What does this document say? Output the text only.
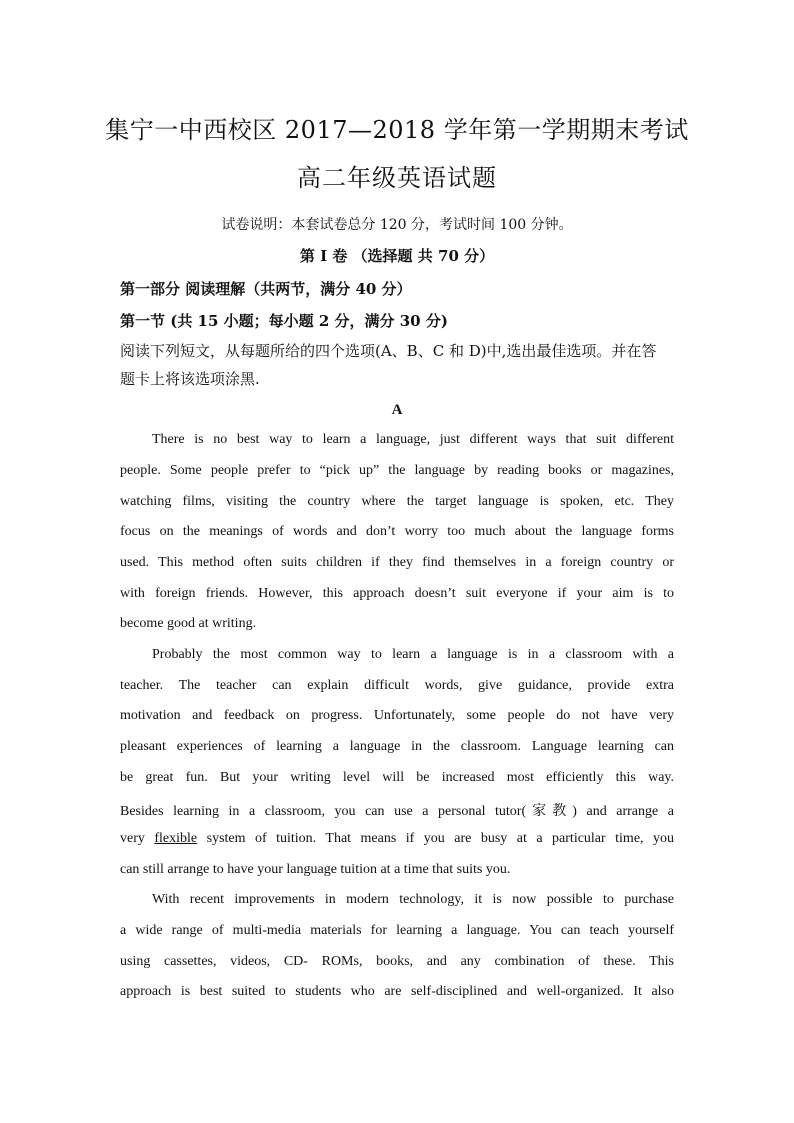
集宁一中西校区 2017—2018 学年第一学期期末考试
高二年级英语试题
试卷说明：本套试卷总分 120 分，考试时间 100 分钟。
第 I 卷 （选择题 共 70 分）
第一部分 阅读理解（共两节，满分 40 分）
第一节 (共 15 小题；每小题 2 分，满分 30 分)
阅读下列短文，从每题所给的四个选项(A、B、C 和 D)中,选出最佳选项。并在答
题卡上将该选项涂黑.
A
There is no best way to learn a language, just different ways that suit different
people. Some people prefer to “pick up” the language by reading books or magazines,
watching films, visiting the country where the target language is spoken, etc. They
focus on the meanings of words and don’t worry too much about the language forms
used. This method often suits children if they find themselves in a foreign country or
with foreign friends. However, this approach doesn’t suit everyone if your aim is to
become good at writing.
Probably the most common way to learn a language is in a classroom with a
teacher. The teacher can explain difficult words, give guidance, provide extra
motivation and feedback on progress. Unfortunately, some people do not have very
pleasant experiences of learning a language in the classroom. Language learning can
be great fun. But your writing level will be increased most efficiently this way.
Besides learning in a classroom, you can use a personal tutor(家教) and arrange a
very flexible system of tuition. That means if you are busy at a particular time, you
can still arrange to have your language tuition at a time that suits you.
With recent improvements in modern technology, it is now possible to purchase
a wide range of multi-media materials for learning a language. You can teach yourself
using cassettes, videos, CD- ROMs, books, and any combination of these. This
approach is best suited to students who are self-disciplined and well-organized. It also
